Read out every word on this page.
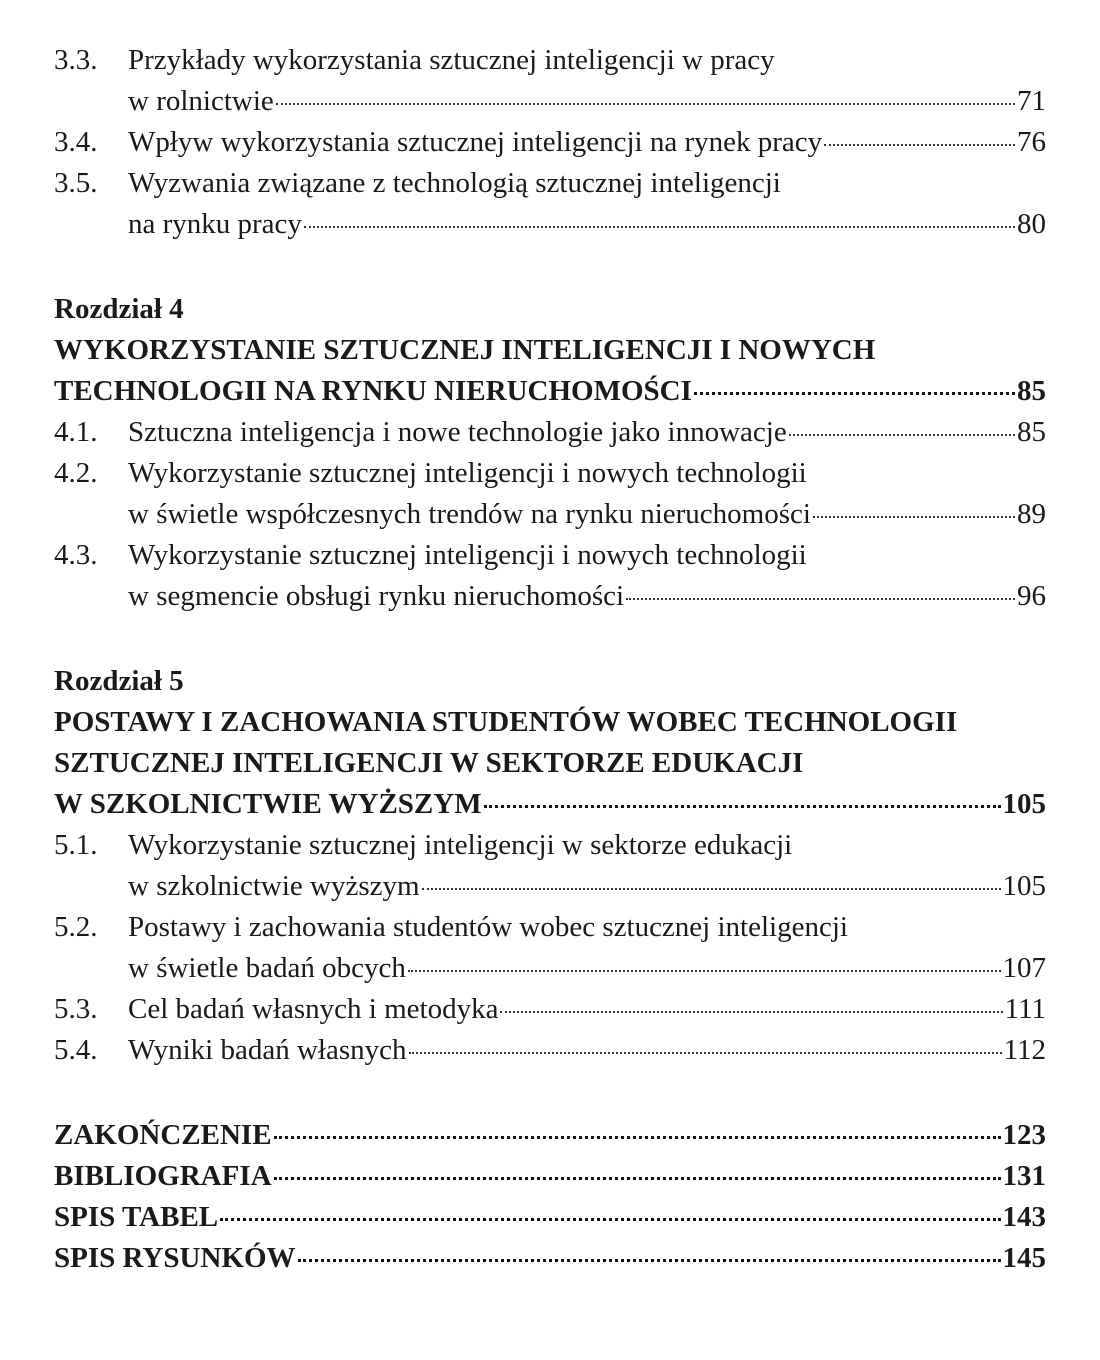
3.3.	Przykłady wykorzystania sztucznej inteligencji w pracy
w rolnictwie	71
3.4.	Wpływ wykorzystania sztucznej inteligencji na rynek pracy	76
3.5.	Wyzwania związane z technologią sztucznej inteligencji
na rynku pracy	80
Rozdział 4
WYKORZYSTANIE SZTUCZNEJ INTELIGENCJI I NOWYCH
TECHNOLOGII NA RYNKU NIERUCHOMOŚCI	85
4.1.	Sztuczna inteligencja i nowe technologie jako innowacje	85
4.2.	Wykorzystanie sztucznej inteligencji i nowych technologii
w świetle współczesnych trendów na rynku nieruchomości	89
4.3.	Wykorzystanie sztucznej inteligencji i nowych technologii
w segmencie obsługi rynku nieruchomości	96
Rozdział 5
POSTAWY I ZACHOWANIA STUDENTÓW WOBEC TECHNOLOGII
SZTUCZNEJ INTELIGENCJI W SEKTORZE EDUKACJI
W SZKOLNICTWIE WYŻSZYM	105
5.1.	Wykorzystanie sztucznej inteligencji w sektorze edukacji
w szkolnictwie wyższym	105
5.2.	Postawy i zachowania studentów wobec sztucznej inteligencji
w świetle badań obcych	107
5.3.	Cel badań własnych i metodyka	111
5.4.	Wyniki badań własnych	112
ZAKOŃCZENIE	123
BIBLIOGRAFIA	131
SPIS TABEL	143
SPIS RYSUNKÓW	145
